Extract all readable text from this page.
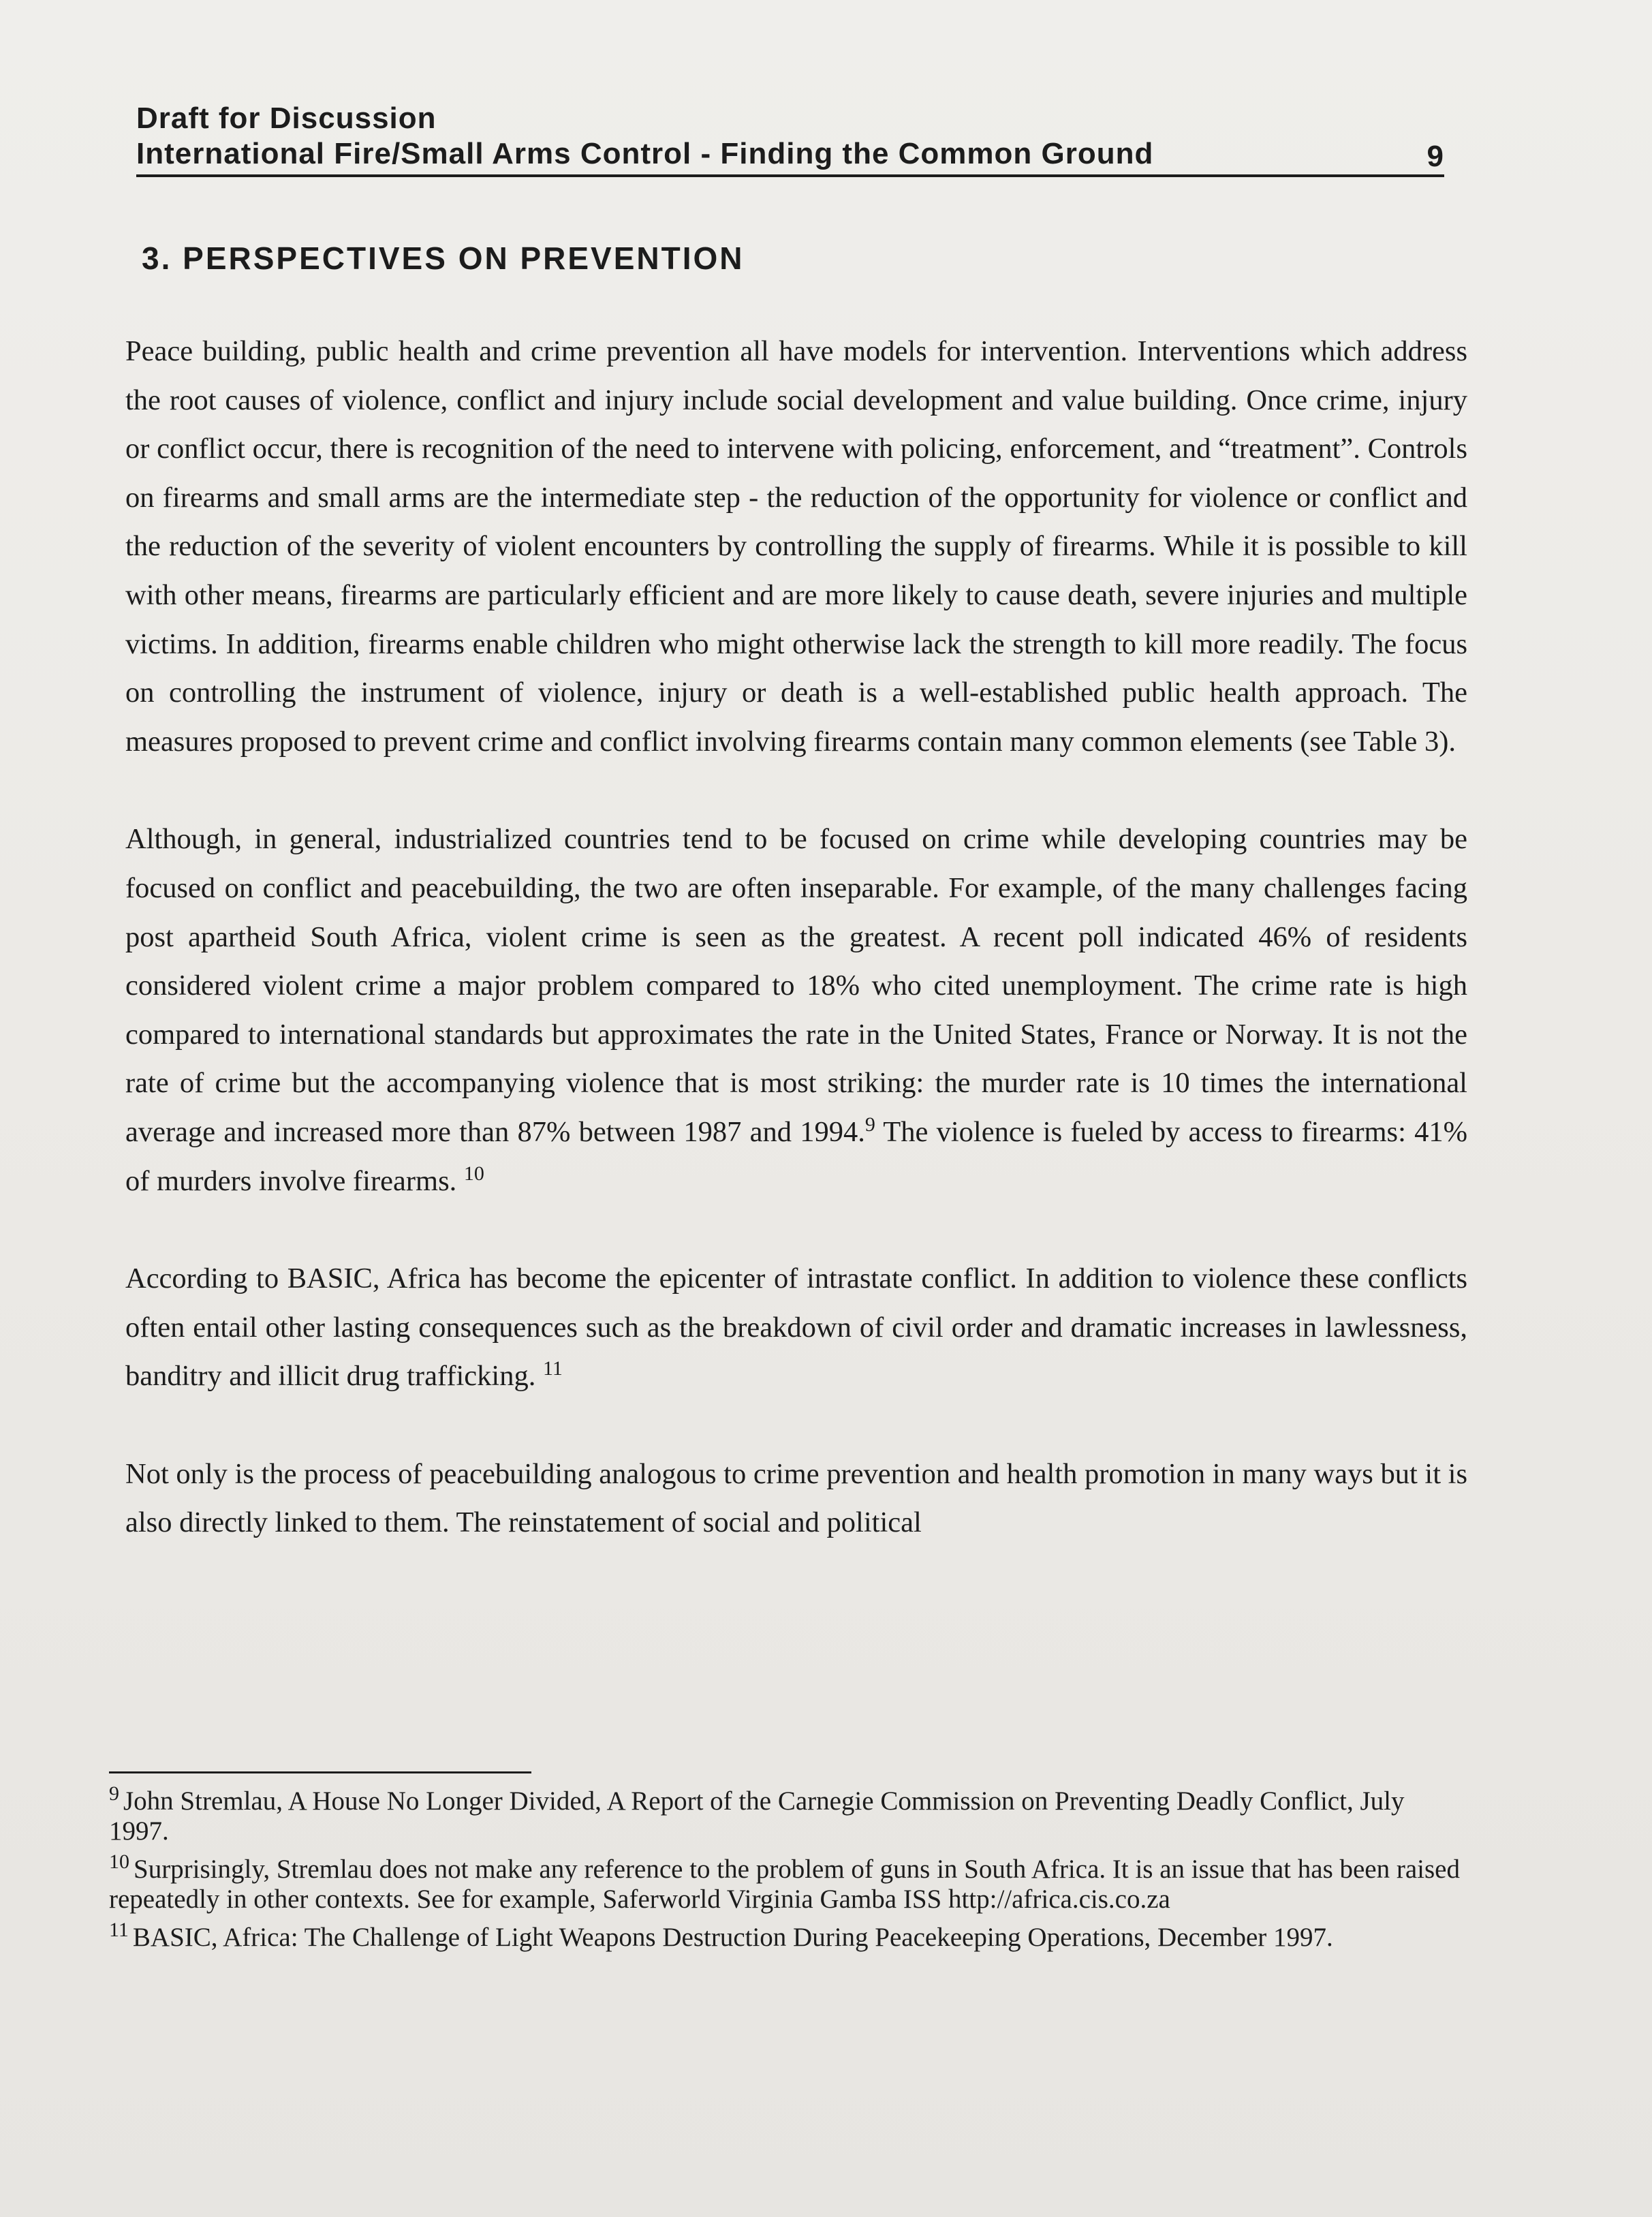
Draft for Discussion
International Fire/Small Arms Control - Finding the Common Ground	9
3. PERSPECTIVES ON PREVENTION

Peace building, public health and crime prevention all have models for intervention. Interventions which address the root causes of violence, conflict and injury include social development and value building. Once crime, injury or conflict occur, there is recognition of the need to intervene with policing, enforcement, and “treatment”. Controls on firearms and small arms are the intermediate step - the reduction of the opportunity for violence or conflict and the reduction of the severity of violent encounters by controlling the supply of firearms. While it is possible to kill with other means, firearms are particularly efficient and are more likely to cause death, severe injuries and multiple victims. In addition, firearms enable children who might otherwise lack the strength to kill more readily. The focus on controlling the instrument of violence, injury or death is a well-established public health approach. The measures proposed to prevent crime and conflict involving firearms contain many common elements (see Table 3).

Although, in general, industrialized countries tend to be focused on crime while developing countries may be focused on conflict and peacebuilding, the two are often inseparable. For example, of the many challenges facing post apartheid South Africa, violent crime is seen as the greatest. A recent poll indicated 46% of residents considered violent crime a major problem compared to 18% who cited unemployment. The crime rate is high compared to international standards but approximates the rate in the United States, France or Norway. It is not the rate of crime but the accompanying violence that is most striking: the murder rate is 10 times the international average and increased more than 87% between 1987 and 1994.$^9$ The violence is fueled by access to firearms: 41% of murders involve firearms. $^{10}$

According to BASIC, Africa has become the epicenter of intrastate conflict. In addition to violence these conflicts often entail other lasting consequences such as the breakdown of civil order and dramatic increases in lawlessness, banditry and illicit drug trafficking. $^{11}$

Not only is the process of peacebuilding analogous to crime prevention and health promotion in many ways but it is also directly linked to them. The reinstatement of social and political

$^9$ John Stremlau, A House No Longer Divided, A Report of the Carnegie Commission on Preventing Deadly Conflict, July 1997.
$^{10}$ Surprisingly, Stremlau does not make any reference to the problem of guns in South Africa. It is an issue that has been raised repeatedly in other contexts. See for example, Saferworld Virginia Gamba ISS http://africa.cis.co.za
$^{11}$ BASIC, Africa: The Challenge of Light Weapons Destruction During Peacekeeping Operations, December 1997.
